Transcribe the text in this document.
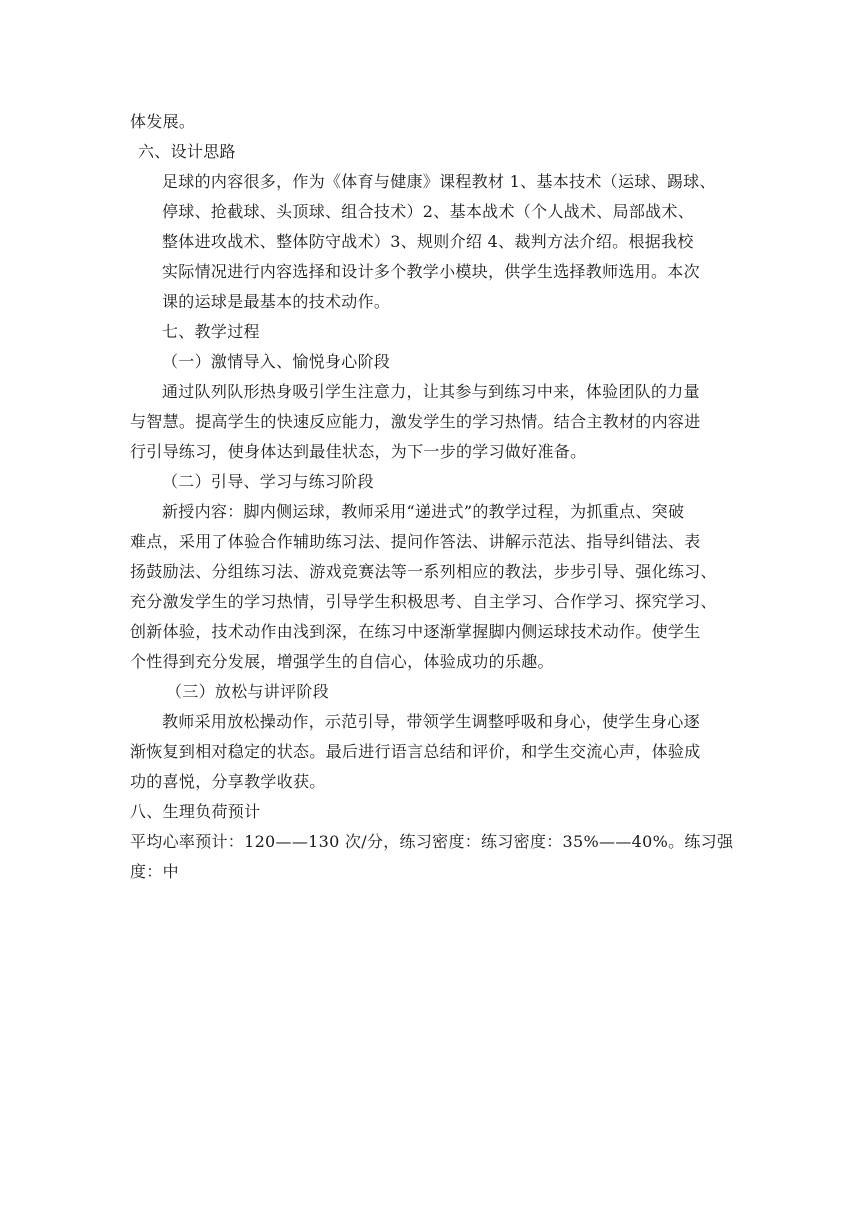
体发展。
六、设计思路
足球的内容很多，作为《体育与健康》课程教材 1、基本技术（运球、踢球、
停球、抢截球、头顶球、组合技术）2、基本战术（个人战术、局部战术、
整体进攻战术、整体防守战术）3、规则介绍 4、裁判方法介绍。根据我校
实际情况进行内容选择和设计多个教学小模块，供学生选择教师选用。本次
课的运球是最基本的技术动作。
七、教学过程
（一）激情导入、愉悦身心阶段
通过队列队形热身吸引学生注意力，让其参与到练习中来，体验团队的力量
与智慧。提高学生的快速反应能力，激发学生的学习热情。结合主教材的内容进
行引导练习，使身体达到最佳状态，为下一步的学习做好准备。
（二）引导、学习与练习阶段
新授内容：脚内侧运球，教师采用“递进式”的教学过程，为抓重点、突破
难点，采用了体验合作辅助练习法、提问作答法、讲解示范法、指导纠错法、表
扬鼓励法、分组练习法、游戏竞赛法等一系列相应的教法，步步引导、强化练习、
充分激发学生的学习热情，引导学生积极思考、自主学习、合作学习、探究学习、
创新体验，技术动作由浅到深，在练习中逐渐掌握脚内侧运球技术动作。使学生
个性得到充分发展，增强学生的自信心，体验成功的乐趣。
（三）放松与讲评阶段
教师采用放松操动作，示范引导，带领学生调整呼吸和身心，使学生身心逐
渐恢复到相对稳定的状态。最后进行语言总结和评价，和学生交流心声，体验成
功的喜悦，分享教学收获。
八、生理负荷预计
平均心率预计：120——130 次/分，练习密度：练习密度：35%——40%。练习强
度：中
